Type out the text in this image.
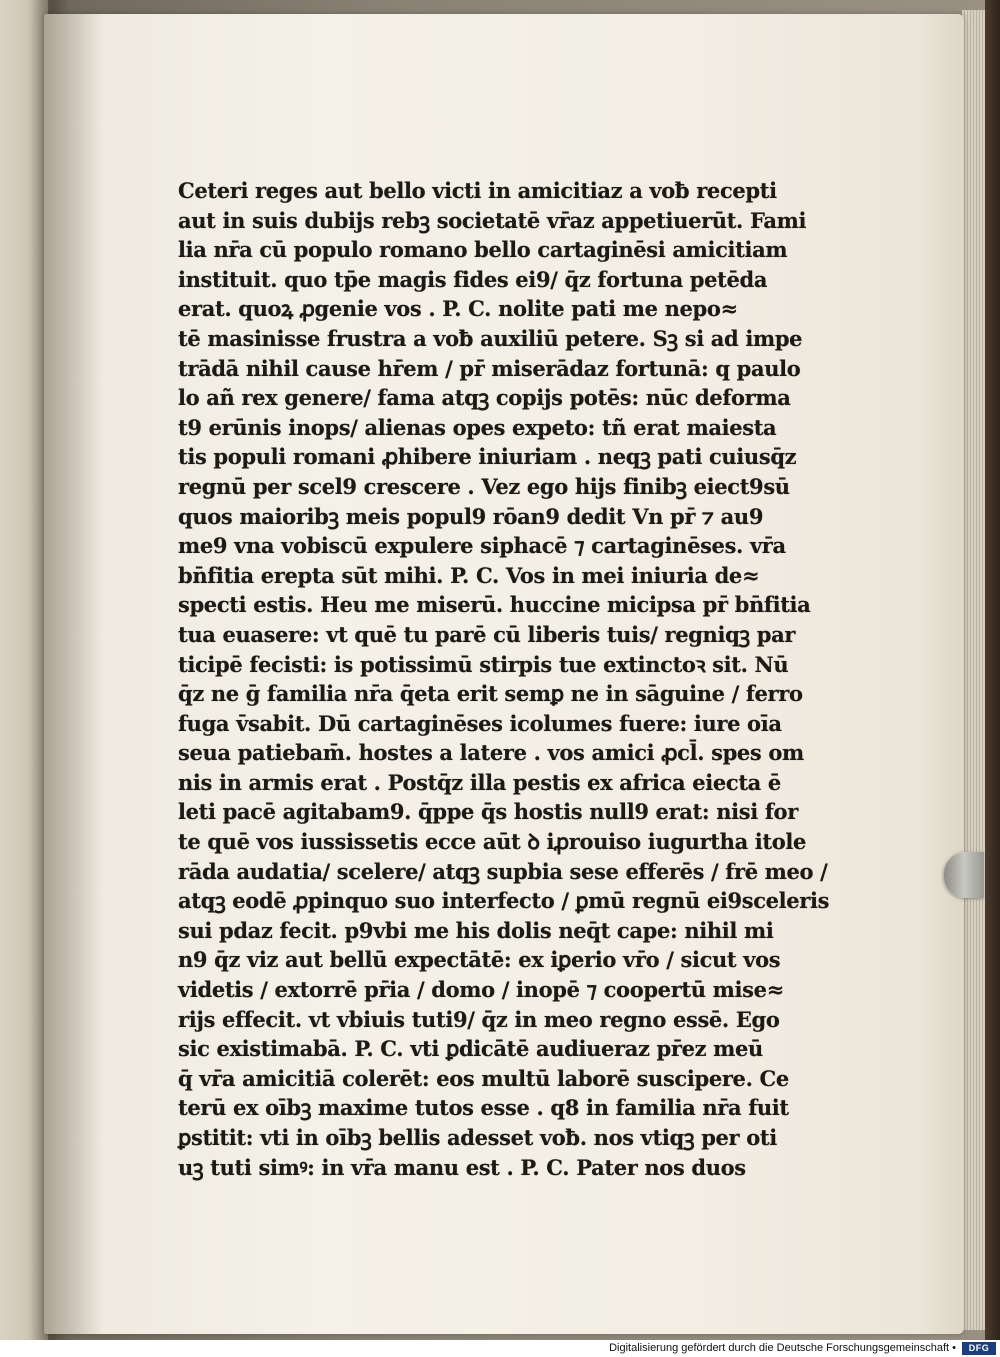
Ceteri reges aut bello victi in amicitiaz a voƀ recepti
aut in suis dubijs rebꝫ societatē vr̄az appetiuerūt. Fami
lia nr̄a cū populo romano bello cartaginēsi amicitiam
instituit. quo tp̄e magis fides ei9/ q̄z fortuna petēda
erat. quoꝝ ꝓgenie vos . P. C. nolite pati me nepo≈
tē masinisse frustra a voƀ auxiliū petere. Sꝫ si ad impe
trādā nihil cause hr̄em / pr̄ miserādaz fortunā: q paulo
lo añ rex genere/ fama atqꝫ copijs potēs: nūc deforma
t9 erūnis inops/ alienas opes expeto: tñ erat maiesta
tis populi romani ꝓhibere iniuriam . neqꝫ pati cuiusq̄z
regnū per scel9 crescere . Vez ego hijs finibꝫ eiect9sū
quos maioribꝫ meis popul9 rōan9 dedit Vn pr̄ ⁊ au9
me9 vna vobiscū expulere siphacē ⁊ cartaginēses. vr̄a
bn̄fitia erepta sūt mihi. P. C. Vos in mei iniuria de≈
specti estis. Heu me miserū. huccine micipsa pr̄ bn̄fitia
tua euasere: vt quē tu parē cū liberis tuis/ regniqꝫ par
ticipē fecisti: is potissimū stirpis tue extinctoꝛ sit. Nū
q̄z ne ḡ familia nr̄a q̄eta erit semꝑ ne in sāguine / ferro
fuga v̄sabit. Dū cartaginēses icolumes fuere: iure oīa
seua patiebam̄. hostes a latere . vos amici ꝓcl̄. spes om
nis in armis erat . Postq̄z illa pestis ex africa eiecta ē
leti pacē agitabam9. q̄ppe q̄s hostis null9 erat: nisi for
te quē vos iussissetis ecce aūt ꝺ iꝓrouiso iugurtha itole
rāda audatia/ scelere/ atqꝫ supbia sese efferēs / frē meo /
atqꝫ eodē ꝓpinquo suo interfecto / ꝑmū regnū ei9sceleris
sui pdaz fecit. p9vbi me his dolis neq̄t cape: nihil mi
n9 q̄z viz aut bellū expectātē: ex iꝑerio vr̄o / sicut vos
videtis / extorrē pr̄ia / domo / inopē ⁊ coopertū mise≈
rijs effecit. vt vbiuis tuti9/ q̄z in meo regno essē. Ego
sic existimabā. P. C. vti ꝑdicātē audiueraz pr̄ez meū
q̄ vr̄a amicitiā colerēt: eos multū laborē suscipere. Ce
terū ex oībꝫ maxime tutos esse . q8 in familia nr̄a fuit
ꝑstitit: vti in oībꝫ bellis adesset voƀ. nos vtiqꝫ per oti
uꝫ tuti simꝰ: in vr̄a manu est . P. C. Pater nos duos
Digitalisierung gefördert durch die Deutsche Forschungsgemeinschaft •	DFG
